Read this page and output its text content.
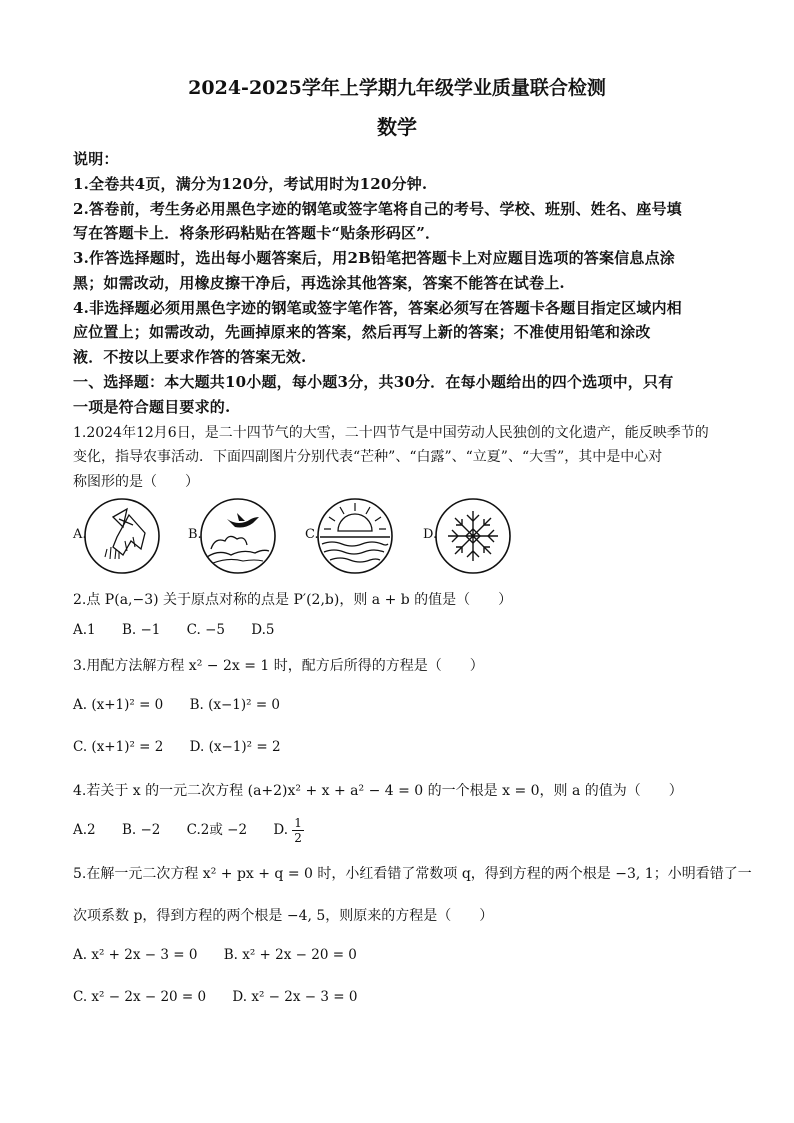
2024-2025学年上学期九年级学业质量联合检测
数学
说明：
1.全卷共4页，满分为120分，考试用时为120分钟.
2.答卷前，考生务必用黑色字迹的钢笔或签字笔将自己的考号、学校、班别、姓名、座号填
写在答题卡上．将条形码粘贴在答题卡“贴条形码区”．
3.作答选择题时，选出每小题答案后，用2B铅笔把答题卡上对应题目选项的答案信息点涂
黑；如需改动，用橡皮擦干净后，再选涂其他答案，答案不能答在试卷上.
4.非选择题必须用黑色字迹的钢笔或签字笔作答，答案必须写在答题卡各题目指定区域内相
应位置上；如需改动，先画掉原来的答案，然后再写上新的答案；不准使用铅笔和涂改
液．不按以上要求作答的答案无效.
一、选择题：本大题共10小题，每小题3分，共30分．在每小题给出的四个选项中，只有
一项是符合题目要求的.
1.2024年12月6日，是二十四节气的大雪，二十四节气是中国劳动人民独创的文化遗产，能反映季节的
变化，指导农事活动．下面四副图片分别代表“芒种”、“白露”、“立夏”、“大雪”，其中是中心对
称图形的是（　　）
A.	B.	C.	D.
2.点 P(a,−3) 关于原点对称的点是 P′(2,b)，则 a + b 的值是（　　）
A.1 B. −1 C. −5 D.5
3.用配方法解方程 x² − 2x = 1 时，配方后所得的方程是（　　）
A. (x+1)² = 0 B. (x−1)² = 0
C. (x+1)² = 2 D. (x−1)² = 2
4.若关于 x 的一元二次方程 (a+2)x² + x + a² − 4 = 0 的一个根是 x = 0，则 a 的值为（　　）
A.2 B. −2 C.2或 −2 D. $\frac{1}{2}$
5.在解一元二次方程 x² + px + q = 0 时，小红看错了常数项 q，得到方程的两个根是 −3, 1；小明看错了一
次项系数 p，得到方程的两个根是 −4, 5，则原来的方程是（　　）
A. x² + 2x − 3 = 0 B. x² + 2x − 20 = 0
C. x² − 2x − 20 = 0 D. x² − 2x − 3 = 0
